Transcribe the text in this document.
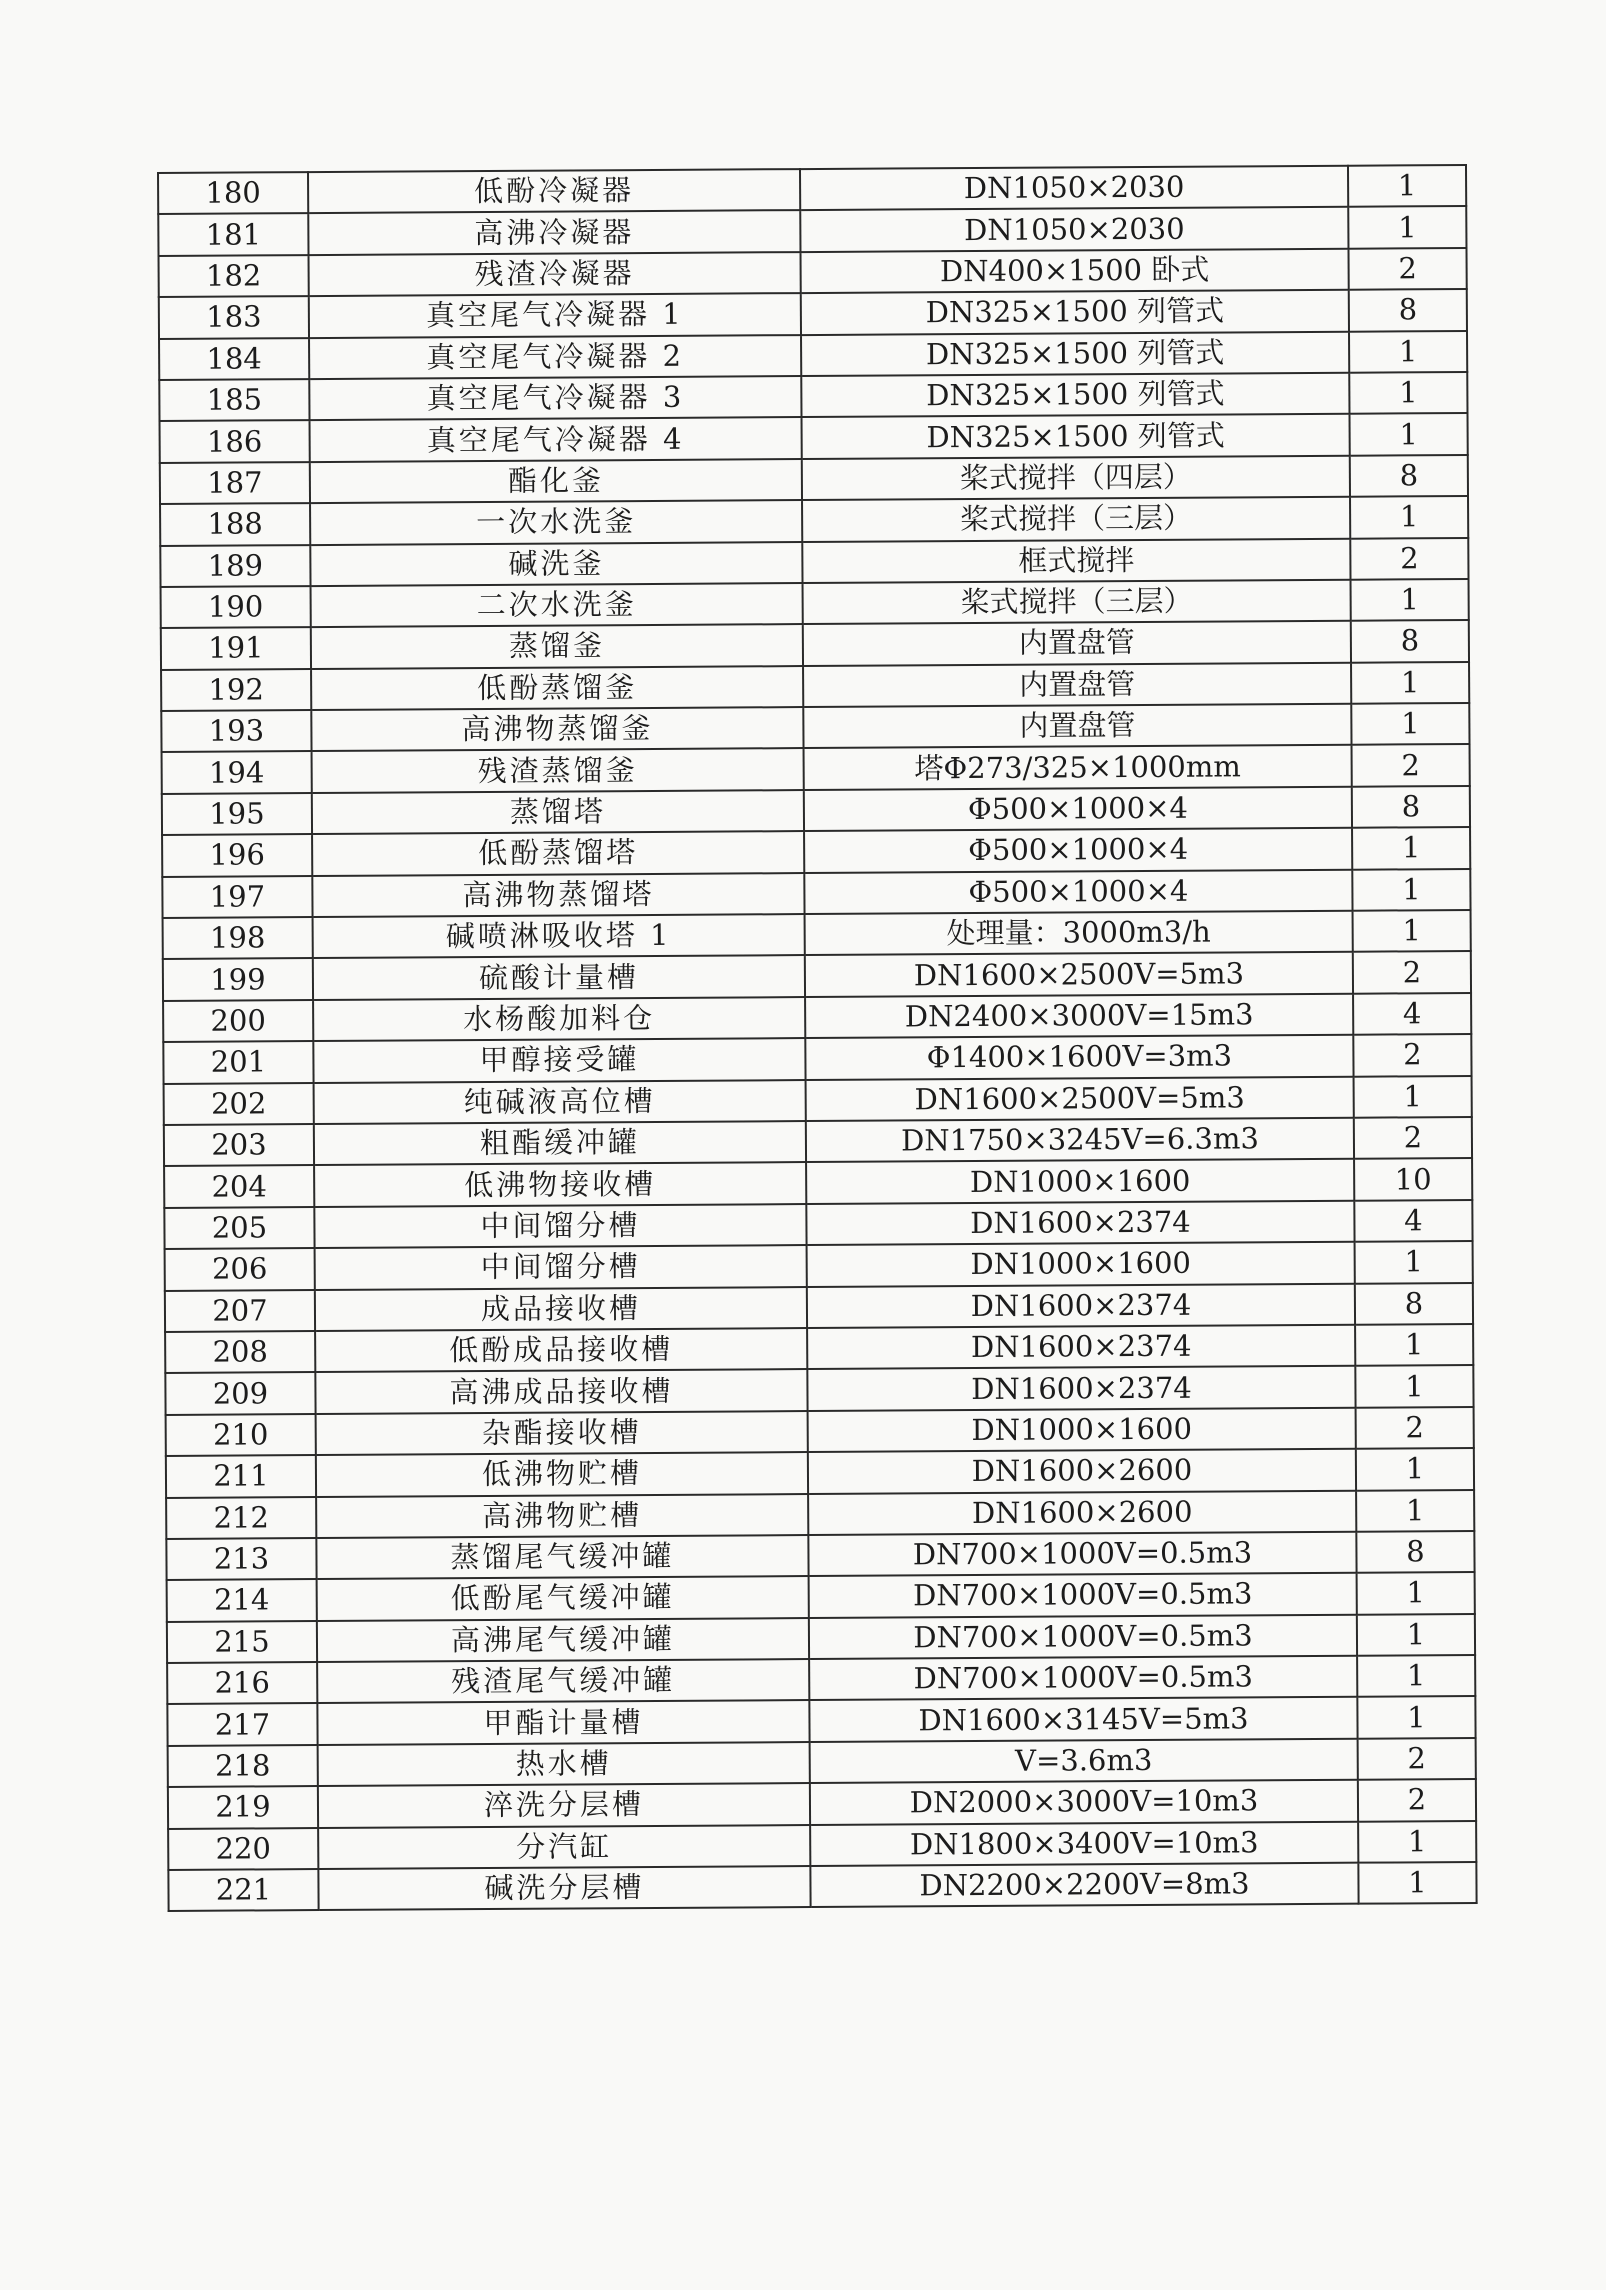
180	低酚冷凝器	DN1050×2030	1
181	高沸冷凝器	DN1050×2030	1
182	残渣冷凝器	DN400×1500 卧式	2
183	真空尾气冷凝器 1	DN325×1500 列管式	8
184	真空尾气冷凝器 2	DN325×1500 列管式	1
185	真空尾气冷凝器 3	DN325×1500 列管式	1
186	真空尾气冷凝器 4	DN325×1500 列管式	1
187	酯化釜	桨式搅拌（四层）	8
188	一次水洗釜	桨式搅拌（三层）	1
189	碱洗釜	框式搅拌	2
190	二次水洗釜	桨式搅拌（三层）	1
191	蒸馏釜	内置盘管	8
192	低酚蒸馏釜	内置盘管	1
193	高沸物蒸馏釜	内置盘管	1
194	残渣蒸馏釜	塔Φ273/325×1000mm	2
195	蒸馏塔	Φ500×1000×4	8
196	低酚蒸馏塔	Φ500×1000×4	1
197	高沸物蒸馏塔	Φ500×1000×4	1
198	碱喷淋吸收塔 1	处理量：3000m3/h	1
199	硫酸计量槽	DN1600×2500V=5m3	2
200	水杨酸加料仓	DN2400×3000V=15m3	4
201	甲醇接受罐	Φ1400×1600V=3m3	2
202	纯碱液高位槽	DN1600×2500V=5m3	1
203	粗酯缓冲罐	DN1750×3245V=6.3m3	2
204	低沸物接收槽	DN1000×1600	10
205	中间馏分槽	DN1600×2374	4
206	中间馏分槽	DN1000×1600	1
207	成品接收槽	DN1600×2374	8
208	低酚成品接收槽	DN1600×2374	1
209	高沸成品接收槽	DN1600×2374	1
210	杂酯接收槽	DN1000×1600	2
211	低沸物贮槽	DN1600×2600	1
212	高沸物贮槽	DN1600×2600	1
213	蒸馏尾气缓冲罐	DN700×1000V=0.5m3	8
214	低酚尾气缓冲罐	DN700×1000V=0.5m3	1
215	高沸尾气缓冲罐	DN700×1000V=0.5m3	1
216	残渣尾气缓冲罐	DN700×1000V=0.5m3	1
217	甲酯计量槽	DN1600×3145V=5m3	1
218	热水槽	V=3.6m3	2
219	淬洗分层槽	DN2000×3000V=10m3	2
220	分汽缸	DN1800×3400V=10m3	1
221	碱洗分层槽	DN2200×2200V=8m3	1
